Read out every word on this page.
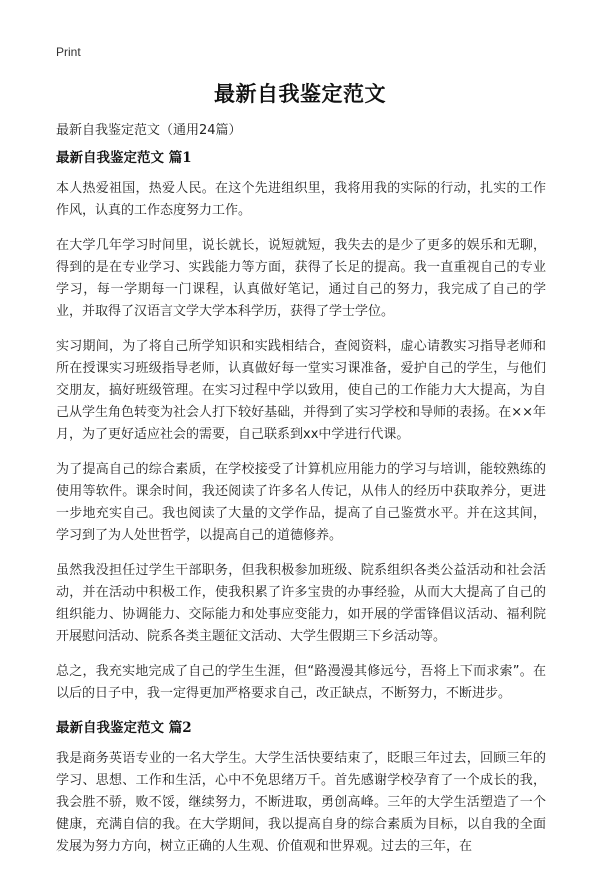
Print
最新自我鉴定范文

最新自我鉴定范文（通用24篇）

最新自我鉴定范文 篇1

本人热爱祖国，热爱人民。在这个先进组织里，我将用我的实际的行动，扎实的工作作风，认真的工作态度努力工作。

在大学几年学习时间里，说长就长，说短就短，我失去的是少了更多的娱乐和无聊，得到的是在专业学习、实践能力等方面，获得了长足的提高。我一直重视自己的专业学习，每一学期每一门课程，认真做好笔记，通过自己的努力，我完成了自己的学业，并取得了汉语言文学大学本科学历，获得了学士学位。

实习期间，为了将自己所学知识和实践相结合，查阅资料，虚心请教实习指导老师和所在授课实习班级指导老师，认真做好每一堂实习课准备，爱护自己的学生，与他们交朋友，搞好班级管理。在实习过程中学以致用，使自己的工作能力大大提高，为自己从学生角色转变为社会人打下较好基础，并得到了实习学校和导师的表扬。在××年月，为了更好适应社会的需要，自己联系到xx中学进行代课。

为了提高自己的综合素质，在学校接受了计算机应用能力的学习与培训，能较熟练的使用等软件。课余时间，我还阅读了许多名人传记，从伟人的经历中获取养分，更进一步地充实自己。我也阅读了大量的文学作品，提高了自己鉴赏水平。并在这其间，学习到了为人处世哲学，以提高自己的道德修养。

虽然我没担任过学生干部职务，但我积极参加班级、院系组织各类公益活动和社会活动，并在活动中积极工作，使我积累了许多宝贵的办事经验，从而大大提高了自己的组织能力、协调能力、交际能力和处事应变能力，如开展的学雷锋倡议活动、福利院开展慰问活动、院系各类主题征文活动、大学生假期三下乡活动等。

总之，我充实地完成了自己的学生生涯，但“路漫漫其修远兮，吾将上下而求索”。在以后的日子中，我一定得更加严格要求自己，改正缺点，不断努力，不断进步。

最新自我鉴定范文 篇2

我是商务英语专业的一名大学生。大学生活快要结束了，眨眼三年过去，回顾三年的学习、思想、工作和生活，心中不免思绪万千。首先感谢学校孕育了一个成长的我，我会胜不骄，败不馁，继续努力，不断进取，勇创高峰。三年的大学生活塑造了一个健康，充满自信的我。在大学期间，我以提高自身的综合素质为目标，以自我的全面发展为努力方向，树立正确的人生观、价值观和世界观。过去的三年，在
